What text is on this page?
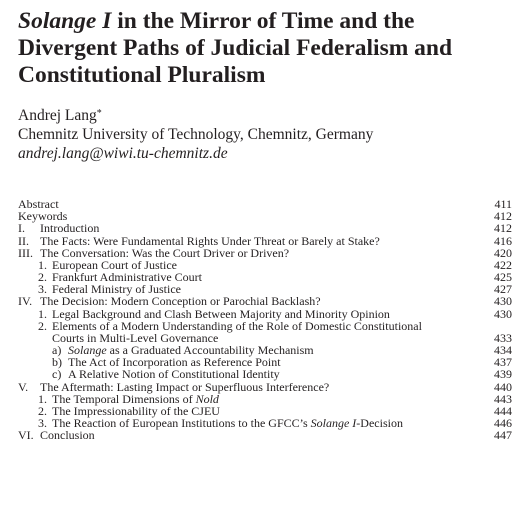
Solange I in the Mirror of Time and the Divergent Paths of Judicial Federalism and Constitutional Pluralism
Andrej Lang*
Chemnitz University of Technology, Chemnitz, Germany
andrej.lang@wiwi.tu-chemnitz.de
Abstract	411
Keywords	412
I. Introduction	412
II. The Facts: Were Fundamental Rights Under Threat or Barely at Stake?	416
III. The Conversation: Was the Court Driver or Driven?	420
1. European Court of Justice	422
2. Frankfurt Administrative Court	425
3. Federal Ministry of Justice	427
IV. The Decision: Modern Conception or Parochial Backlash?	430
1. Legal Background and Clash Between Majority and Minority Opinion	430
2. Elements of a Modern Understanding of the Role of Domestic Constitutional
Courts in Multi-Level Governance	433
a) Solange as a Graduated Accountability Mechanism	434
b) The Act of Incorporation as Reference Point	437
c) A Relative Notion of Constitutional Identity	439
V. The Aftermath: Lasting Impact or Superfluous Interference?	440
1. The Temporal Dimensions of Nold	443
2. The Impressionability of the CJEU	444
3. The Reaction of European Institutions to the GFCC’s Solange I-Decision	446
VI. Conclusion	447
